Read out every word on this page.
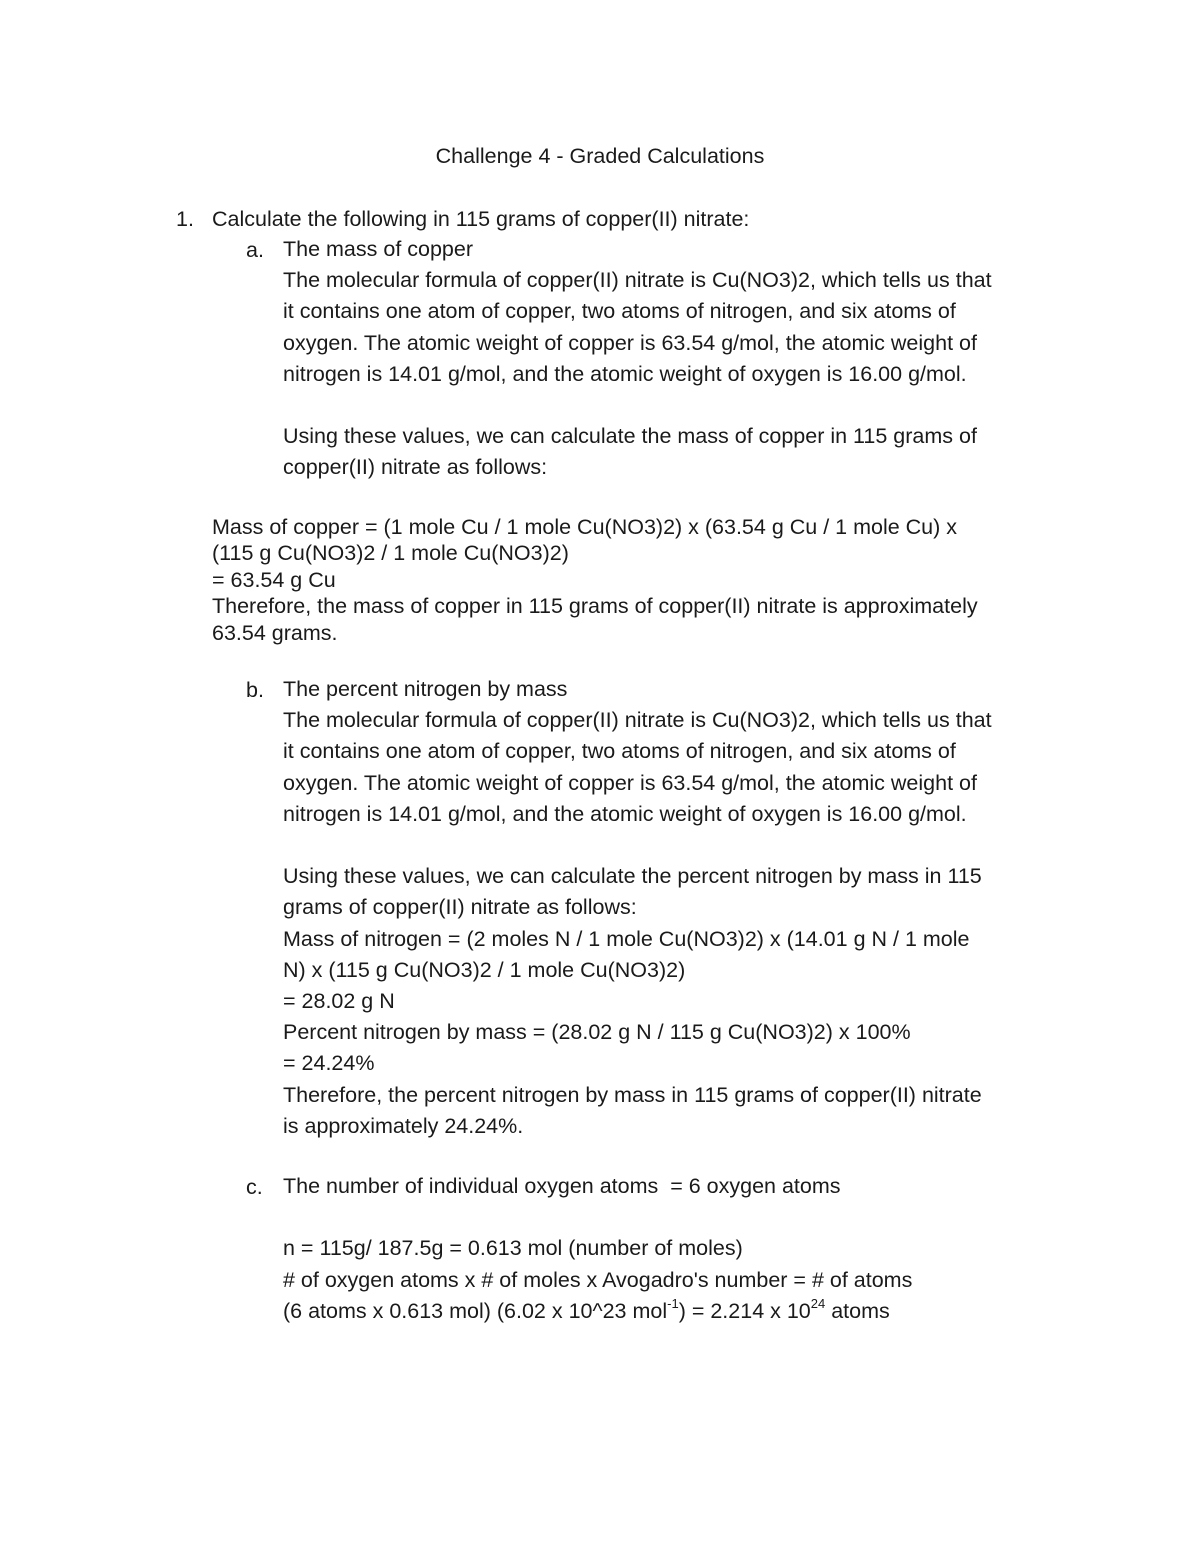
Challenge 4 - Graded Calculations
1. Calculate the following in 115 grams of copper(II) nitrate:
a. The mass of copper

The molecular formula of copper(II) nitrate is Cu(NO3)2, which tells us that

it contains one atom of copper, two atoms of nitrogen, and six atoms of

oxygen. The atomic weight of copper is 63.54 g/mol, the atomic weight of

nitrogen is 14.01 g/mol, and the atomic weight of oxygen is 16.00 g/mol.

Using these values, we can calculate the mass of copper in 115 grams of

copper(II) nitrate as follows:

Mass of copper = (1 mole Cu / 1 mole Cu(NO3)2) x (63.54 g Cu / 1 mole Cu) x

(115 g Cu(NO3)2 / 1 mole Cu(NO3)2)

= 63.54 g Cu

Therefore, the mass of copper in 115 grams of copper(II) nitrate is approximately

63.54 grams.

b. The percent nitrogen by mass

The molecular formula of copper(II) nitrate is Cu(NO3)2, which tells us that

it contains one atom of copper, two atoms of nitrogen, and six atoms of

oxygen. The atomic weight of copper is 63.54 g/mol, the atomic weight of

nitrogen is 14.01 g/mol, and the atomic weight of oxygen is 16.00 g/mol.

Using these values, we can calculate the percent nitrogen by mass in 115

grams of copper(II) nitrate as follows:

Mass of nitrogen = (2 moles N / 1 mole Cu(NO3)2) x (14.01 g N / 1 mole

N) x (115 g Cu(NO3)2 / 1 mole Cu(NO3)2)

= 28.02 g N

Percent nitrogen by mass = (28.02 g N / 115 g Cu(NO3)2) x 100%

= 24.24%

Therefore, the percent nitrogen by mass in 115 grams of copper(II) nitrate

is approximately 24.24%.

c. The number of individual oxygen atoms  = 6 oxygen atoms

n = 115g/ 187.5g = 0.613 mol (number of moles)

# of oxygen atoms x # of moles x Avogadro's number = # of atoms

(6 atoms x 0.613 mol) (6.02 x 10^23 mol$^{-1}$) = 2.214 x $10^{24}$ atoms
